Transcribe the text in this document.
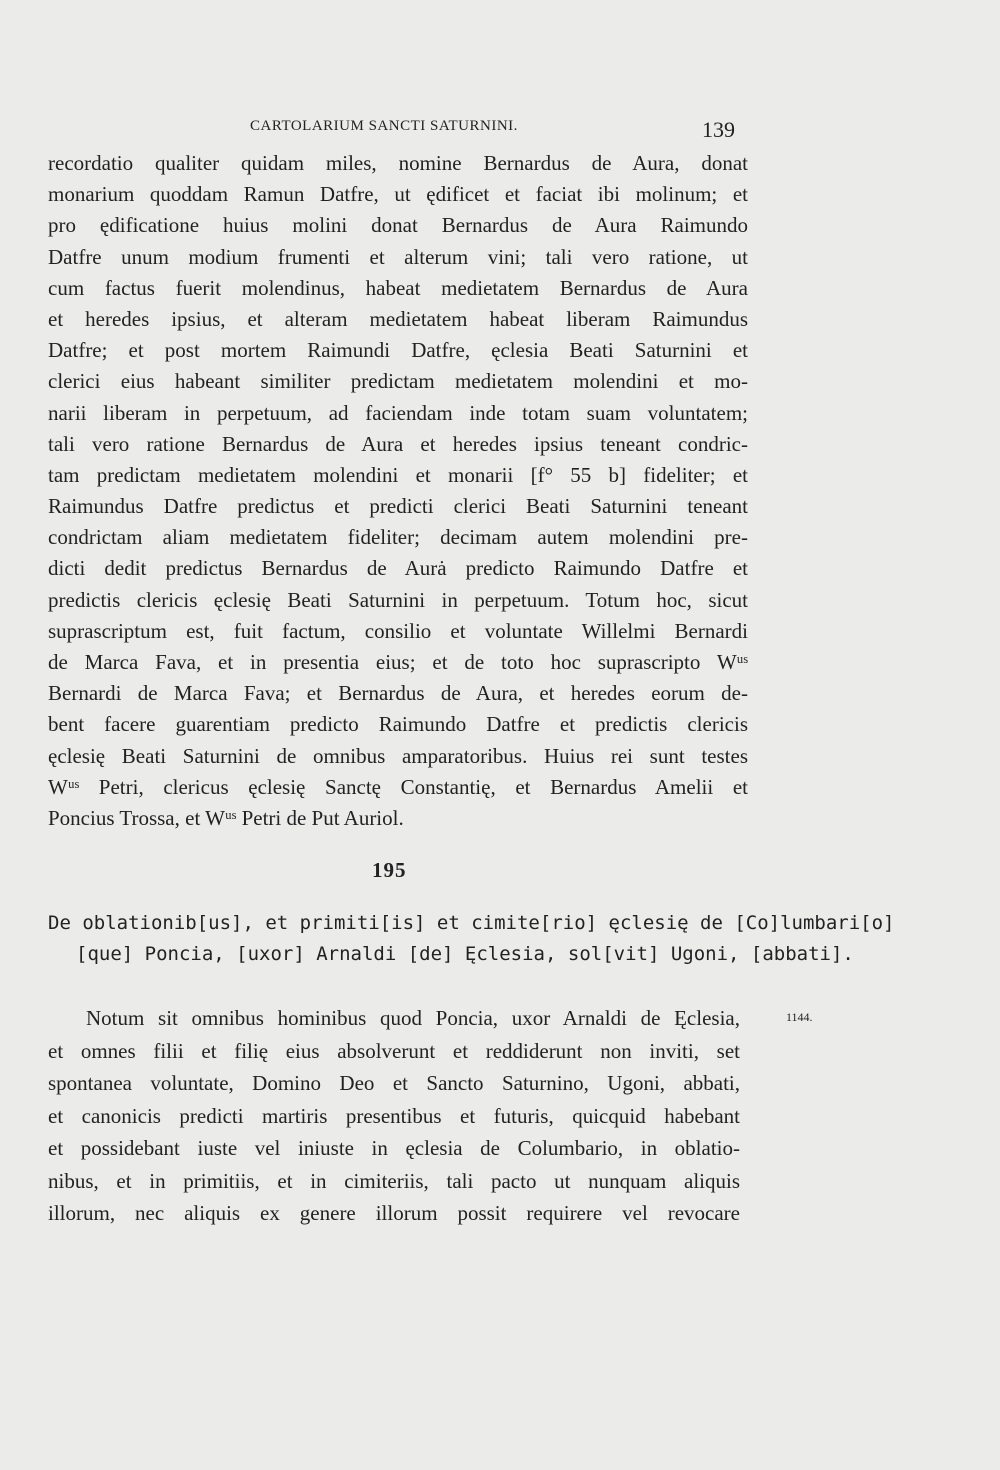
CARTOLARIUM SANCTI SATURNINI.	139
recordatio qualiter quidam miles, nomine Bernardus de Aura, donat
monarium quoddam Ramun Datfre, ut ędificet et faciat ibi molinum; et
pro ędificatione huius molini donat Bernardus de Aura Raimundo
Datfre unum modium frumenti et alterum vini; tali vero ratione, ut
cum factus fuerit molendinus, habeat medietatem Bernardus de Aura
et heredes ipsius, et alteram medietatem habeat liberam Raimundus
Datfre; et post mortem Raimundi Datfre, ęclesia Beati Saturnini et
clerici eius habeant similiter predictam medietatem molendini et mo-
narii liberam in perpetuum, ad faciendam inde totam suam voluntatem;
tali vero ratione Bernardus de Aura et heredes ipsius teneant condric-
tam predictam medietatem molendini et monarii [f° 55 b] fideliter; et
Raimundus Datfre predictus et predicti clerici Beati Saturnini teneant
condrictam aliam medietatem fideliter; decimam autem molendini pre-
dicti dedit predictus Bernardus de Aurȧ predicto Raimundo Datfre et
predictis clericis ęclesię Beati Saturnini in perpetuum. Totum hoc, sicut
suprascriptum est, fuit factum, consilio et voluntate Willelmi Bernardi
de Marca Fava, et in presentia eius; et de toto hoc suprascripto Wᵘˢ
Bernardi de Marca Fava; et Bernardus de Aura, et heredes eorum de-
bent facere guarentiam predicto Raimundo Datfre et predictis clericis
ęclesię Beati Saturnini de omnibus amparatoribus. Huius rei sunt testes
Wᵘˢ Petri, clericus ęclesię Sanctę Constantię, et Bernardus Amelii et
Poncius Trossa, et Wᵘˢ Petri de Put Auriol.
195
De oblationib[us], et primiti[is] et cimite[rio] ęclesię de [Co]lumbari[o]
[que] Poncia, [uxor] Arnaldi [de] Ęclesia, sol[vit] Ugoni, [abbati].
1144.
Notum sit omnibus hominibus quod Poncia, uxor Arnaldi de Ęclesia,
et omnes filii et filię eius absolverunt et reddiderunt non inviti, set
spontanea voluntate, Domino Deo et Sancto Saturnino, Ugoni, abbati,
et canonicis predicti martiris presentibus et futuris, quicquid habebant
et possidebant iuste vel iniuste in ęclesia de Columbario, in oblatio-
nibus, et in primitiis, et in cimiteriis, tali pacto ut nunquam aliquis
illorum, nec aliquis ex genere illorum possit requirere vel revocare
